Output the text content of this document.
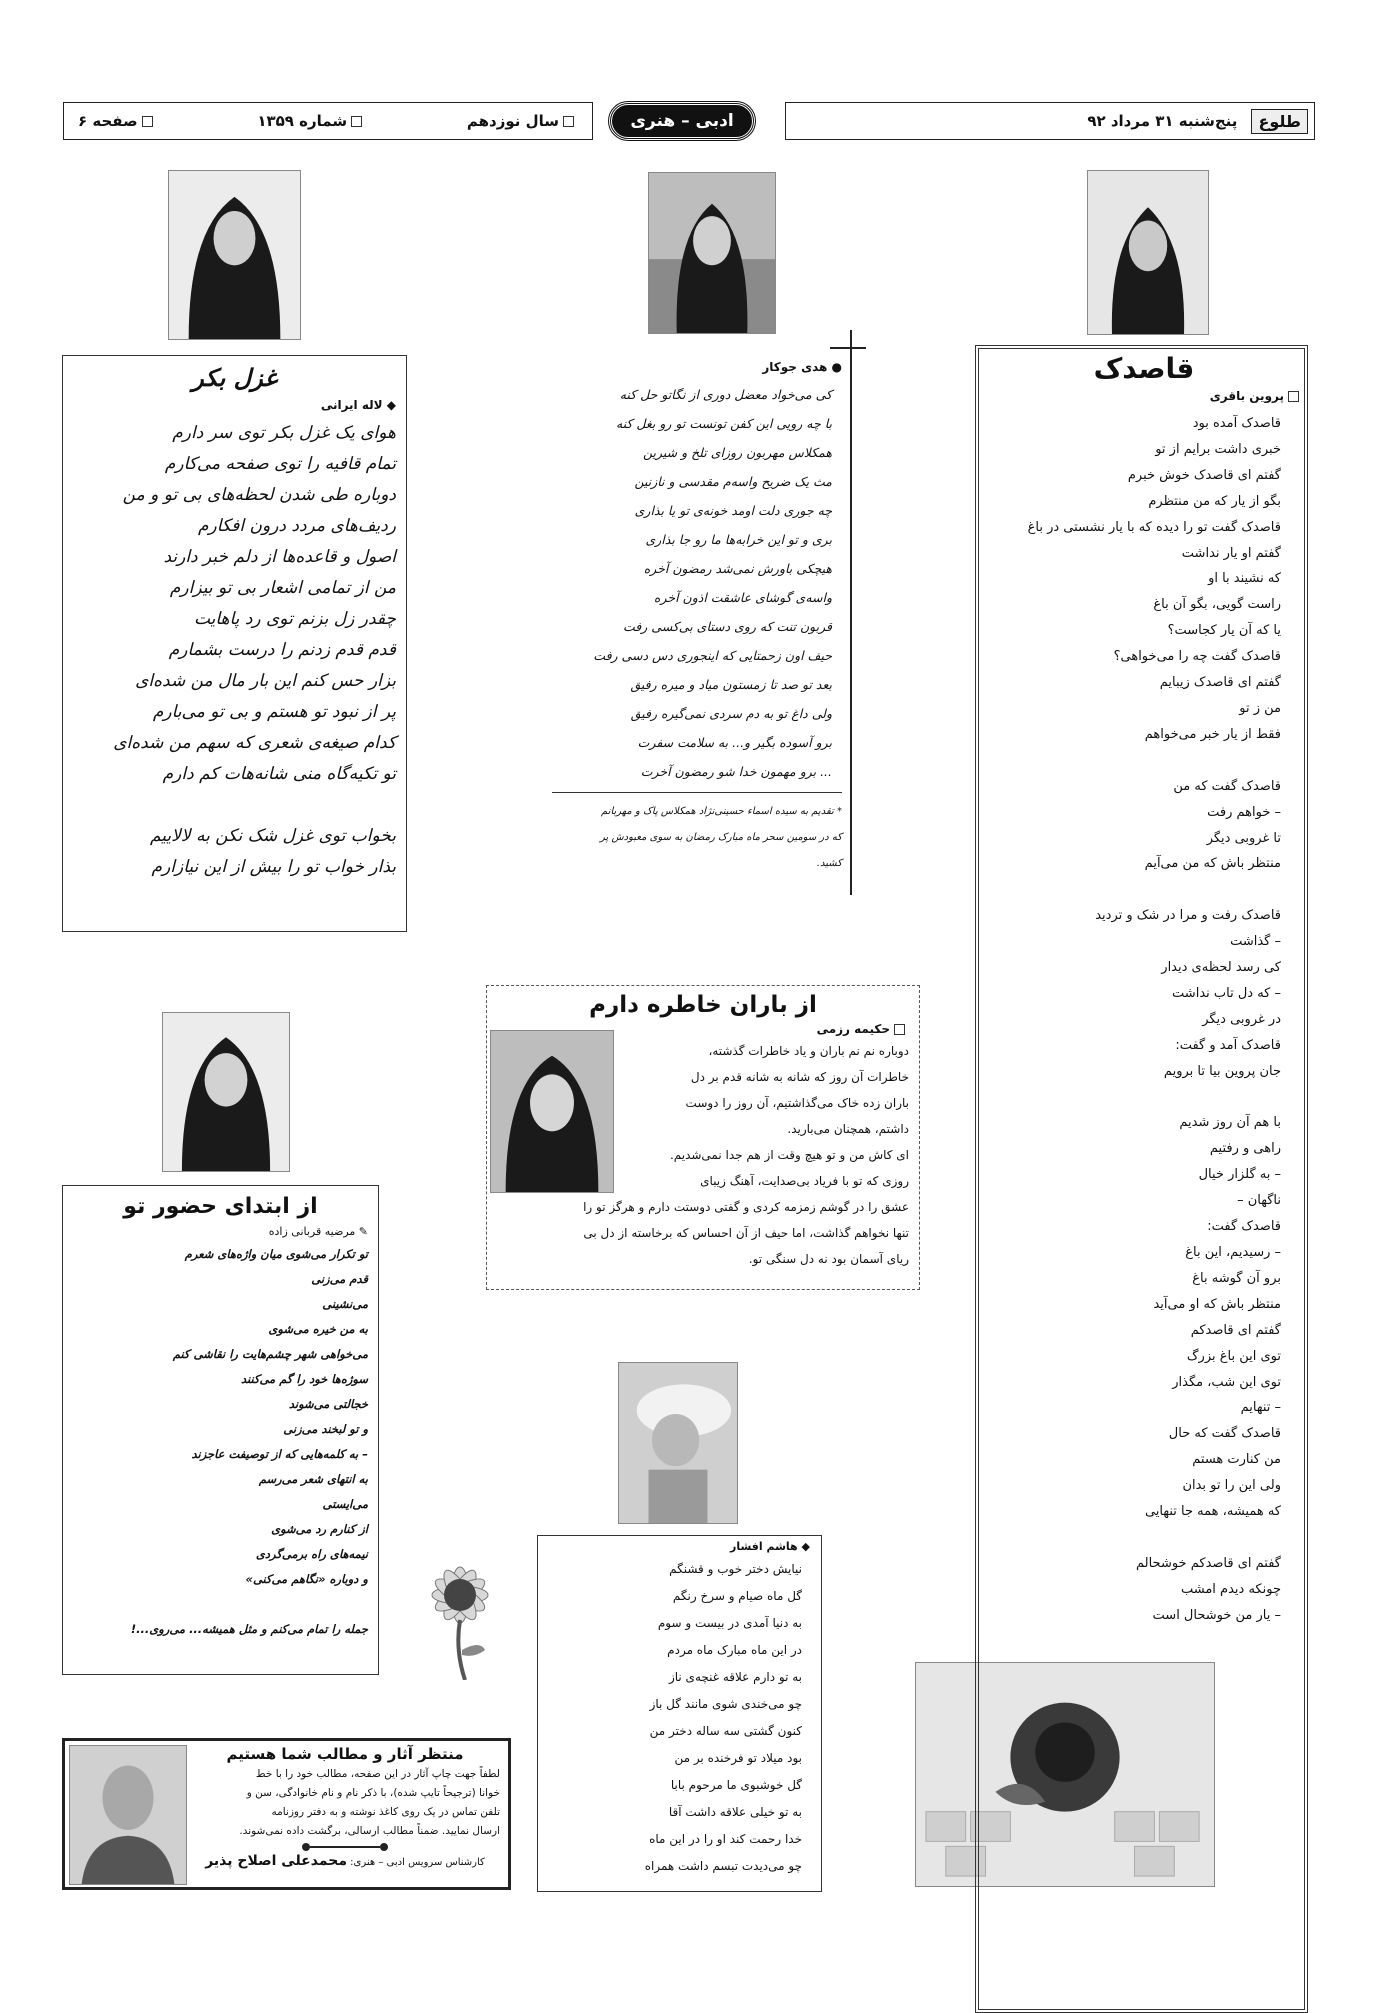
طلوع
پنج‌شنبه ۳۱ مرداد ۹۲
ادبی – هنری
سال نوزدهم
شماره ۱۳۵۹
صفحه ۶
قاصدک
پروین باقری
قاصدک آمده بود
خبری داشت برایم از تو
گفتم ای قاصدک خوش خبرم
بگو از یار که من منتظرم
قاصدک گفت تو را دیده که با یار نشستی در باغ
گفتم او یار نداشت
که نشیند با او
راست گویی، بگو آن باغ
یا که آن یار کجاست؟
قاصدک گفت چه را می‌خواهی؟
گفتم ای قاصدک زیبایم
من ز تو
فقط از یار خبر می‌خواهم

قاصدک گفت که من
– خواهم رفت
تا غروبی دیگر
منتظر باش که من می‌آیم

قاصدک رفت و مرا در شک و تردید
– گذاشت
کی رسد لحظه‌ی دیدار
– که دل تاب نداشت
در غروبی دیگر
قاصدک آمد و گفت:
جان پروین بیا تا برویم

با هم آن روز شدیم
راهی و رفتیم
– به گلزار خیال
ناگهان –
قاصدک گفت:
– رسیدیم، این باغ
برو آن گوشه باغ
منتظر باش که او می‌آید
گفتم ای قاصدکم
توی این باغ بزرگ
توی این شب، مگذار
– تنهایم
قاصدک گفت که حال
من کنارت هستم
ولی این را تو بدان
که همیشه، همه جا تنهایی

گفتم ای قاصدکم خوشحالم
چونکه دیدم امشب
– یار من خوشحال است
● هدی جوکار
کی می‌خواد معضل دوری از نگاتو حل کنه
با چه رویی این کفن تونست تو رو بغل کنه
همکلاس مهربون روزای تلخ و شیرین
مث یک ضریح واسه‌م مقدسی و نازنین
چه جوری دلت اومد خونه‌ی تو یا بذاری
بری و تو این خرابه‌ها ما رو جا بذاری
هیچکی باورش نمی‌شد رمضون آخره
واسه‌ی گوشای عاشقت اذون آخره
قربون تنت که روی دستای بی‌کسی رفت
حیف اون زحمتایی که اینجوری دس دسی رفت
بعد تو صد تا زمستون میاد و میره رفیق
ولی داغ تو به دم سردی نمی‌گیره رفیق
برو آسوده بگیر و... به سلامت سفرت
... برو مهمون خدا شو رمضون آخرت
* تقدیم به سیده اسماء حسینی‌نژاد همکلاس پاک و مهربانم
که در سومین سحر ماه مبارک رمضان به سوی معبودش پر
کشید.
غزل بکر
◆ لاله ایرانی
هوای یک غزل بکر توی سر دارم
تمام قافیه را توی صفحه می‌کارم
دوباره طی شدن لحظه‌های بی تو و من
ردیف‌های مردد درون افکارم
اصول و قاعده‌ها از دلم خبر دارند
من از تمامی اشعار بی تو بیزارم
چقدر زل بزنم توی رد پاهایت
قدم قدم زدنم را درست بشمارم
بزار حس کنم این بار مال من شده‌ای
پر از نبود تو هستم و بی تو می‌بارم
کدام صیغه‌ی شعری که سهم من شده‌ای
تو تکیه‌گاه منی شانه‌هات کم دارم

بخواب توی غزل شک نکن به لالاییم
بذار خواب تو را بیش از این نیازارم
از باران خاطره دارم
حکیمه رزمی
دوباره نم نم باران و یاد خاطرات گذشته،
خاطرات آن روز که شانه به شانه قدم بر دل
باران زده خاک می‌گذاشتیم، آن روز را دوست
داشتم، همچنان می‌بارید.
ای کاش من و تو هیچ وقت از هم جدا نمی‌شدیم.
روزی که تو با فریاد بی‌صدایت، آهنگ زیبای
عشق را در گوشم زمزمه کردی و گفتی دوستت دارم و هرگز تو را
تنها نخواهم گذاشت، اما حیف از آن احساس که برخاسته از دل بی‌
ریای آسمان بود نه دل سنگی تو.
از ابتدای حضور تو
✎ مرضیه قربانی زاده
تو تکرار می‌شوی میان واژه‌های شعرم
قدم می‌زنی
می‌نشینی
به من خیره می‌شوی
می‌خواهی شهر چشم‌هایت را نقاشی کنم
سوژه‌ها خود را گم می‌کنند
خجالتی می‌شوند
و تو لبخند می‌زنی
– به کلمه‌هایی که از توصیفت عاجزند
به انتهای شعر می‌رسم
می‌ایستی
از کنارم رد می‌شوی
نیمه‌های راه برمی‌گردی
و دوباره «نگاهم می‌کنی»

جمله را تمام می‌کنم و مثل همیشه... می‌روی...!
◆ هاشم افشار
نیایش دختر خوب و قشنگم
گل ماه صیام و سرخ رنگم
به دنیا آمدی در بیست و سوم
در این ماه مبارک ماه مردم
به تو دارم علاقه غنچه‌ی ناز
چو می‌خندی شوی مانند گل باز
کنون گشتی سه ساله دختر من
بود میلاد تو فرخنده بر من
گل خوشبوی ما مرحوم بابا
به تو خیلی علاقه داشت آقا
خدا رحمت کند او را در این ماه
چو می‌دیدت تبسم داشت همراه
منتظر آثار و مطالب شما هستیم
لطفاً جهت چاپ آثار در این صفحه، مطالب خود را با خط
خوانا (ترجیحاً تایپ شده)، با ذکر نام و نام خانوادگی، سن و
تلفن تماس در یک روی کاغذ نوشته و به دفتر روزنامه
ارسال نمایید. ضمناً مطالب ارسالی، برگشت داده نمی‌شوند.
کارشناس سرویس ادبی – هنری: محمدعلی اصلاح پذیر
